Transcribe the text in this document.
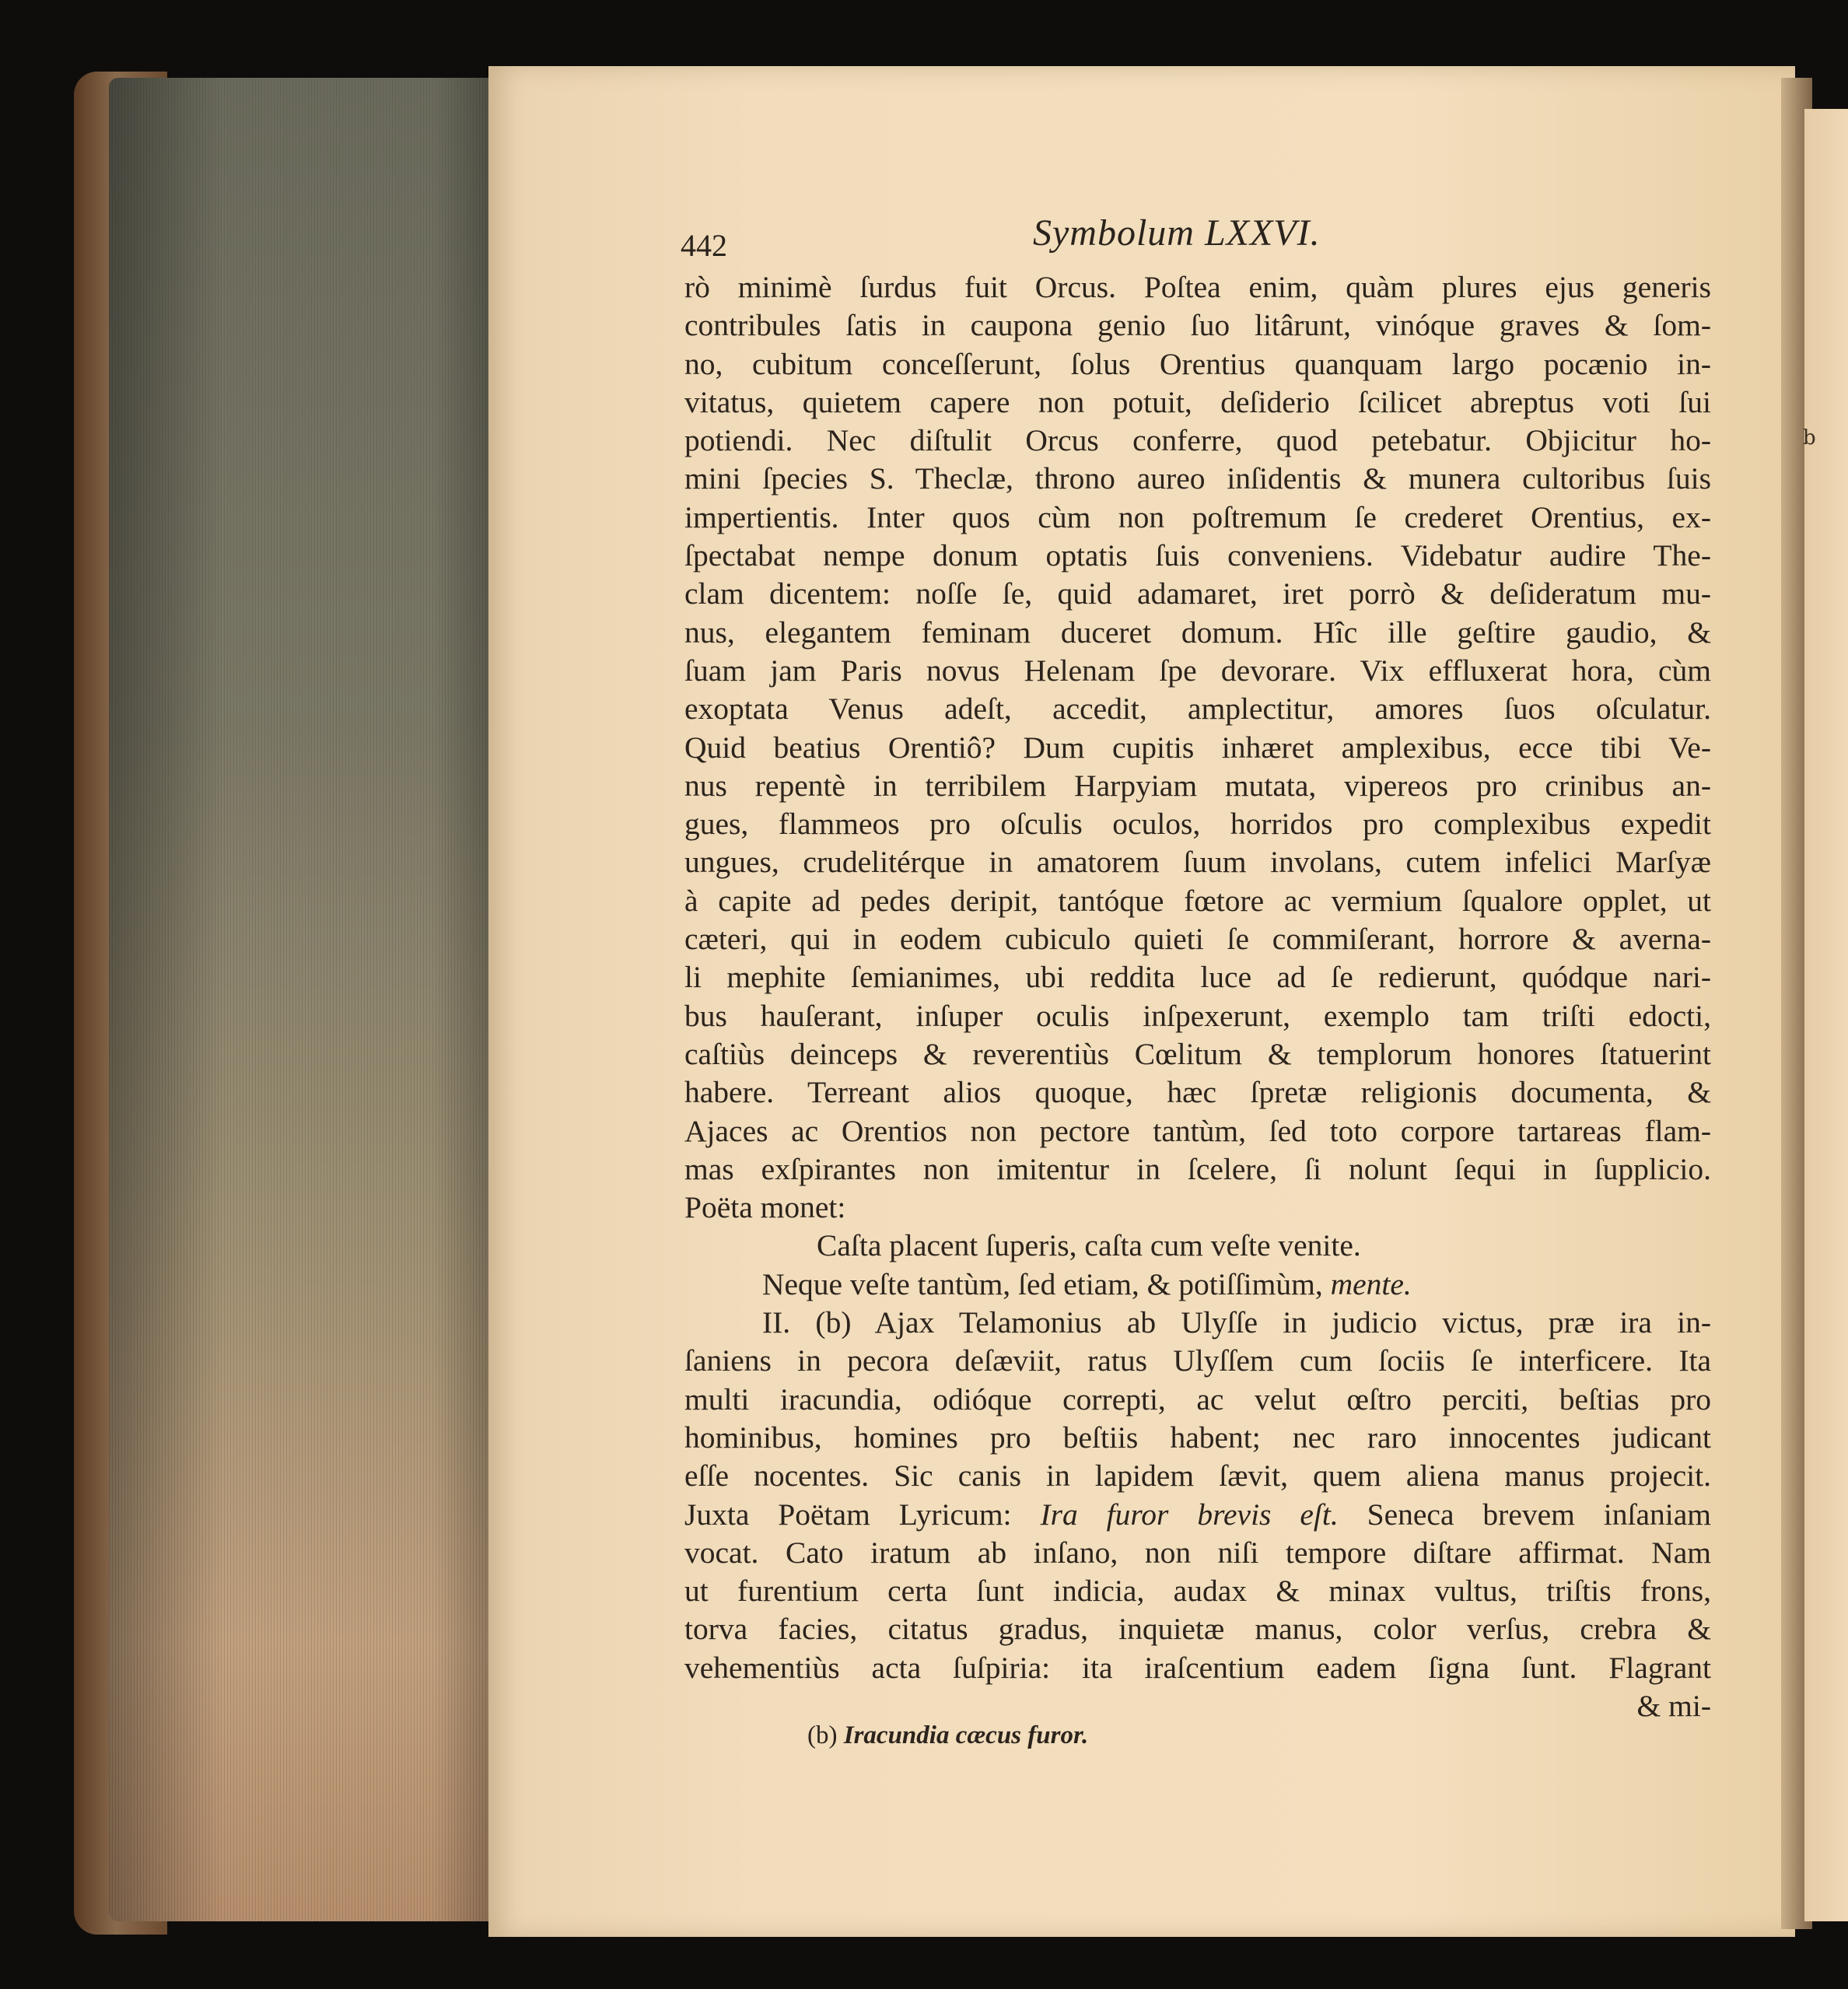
b
442	Symbolum LXXVI.
rò minimè ſurdus fuit Orcus. Poſtea enim, quàm plures ejus generis
contribules ſatis in caupona genio ſuo litârunt, vinóque graves & ſom-
no, cubitum conceſſerunt, ſolus Orentius quanquam largo pocænio in-
vitatus, quietem capere non potuit, deſiderio ſcilicet abreptus voti ſui
potiendi. Nec diſtulit Orcus conferre, quod petebatur. Objicitur ho-
mini ſpecies S. Theclæ, throno aureo inſidentis & munera cultoribus ſuis
impertientis. Inter quos cùm non poſtremum ſe crederet Orentius, ex-
ſpectabat nempe donum optatis ſuis conveniens. Videbatur audire The-
clam dicentem: noſſe ſe, quid adamaret, iret porrò & deſideratum mu-
nus, elegantem feminam duceret domum. Hîc ille geſtire gaudio, &
ſuam jam Paris novus Helenam ſpe devorare. Vix effluxerat hora, cùm
exoptata Venus adeſt, accedit, amplectitur, amores ſuos oſculatur.
Quid beatius Orentiô? Dum cupitis inhæret amplexibus, ecce tibi Ve-
nus repentè in terribilem Harpyiam mutata, vipereos pro crinibus an-
gues, flammeos pro oſculis oculos, horridos pro complexibus expedit
ungues, crudelitérque in amatorem ſuum involans, cutem infelici Marſyæ
à capite ad pedes deripit, tantóque fœtore ac vermium ſqualore opplet, ut
cæteri, qui in eodem cubiculo quieti ſe commiſerant, horrore & averna-
li mephite ſemianimes, ubi reddita luce ad ſe redierunt, quódque nari-
bus hauſerant, inſuper oculis inſpexerunt, exemplo tam triſti edocti,
caſtiùs deinceps & reverentiùs Cœlitum & templorum honores ſtatuerint
habere. Terreant alios quoque, hæc ſpretæ religionis documenta, &
Ajaces ac Orentios non pectore tantùm, ſed toto corpore tartareas flam-
mas exſpirantes non imitentur in ſcelere, ſi nolunt ſequi in ſupplicio.
Poëta monet:
Caſta placent ſuperis, caſta cum veſte venite.
Neque veſte tantùm, ſed etiam, & potiſſimùm, mente.
II. (b) Ajax Telamonius ab Ulyſſe in judicio victus, præ ira in-
ſaniens in pecora deſæviit, ratus Ulyſſem cum ſociis ſe interficere. Ita
multi iracundia, odióque correpti, ac velut œſtro perciti, beſtias pro
hominibus, homines pro beſtiis habent; nec raro innocentes judicant
eſſe nocentes. Sic canis in lapidem ſævit, quem aliena manus projecit.
Juxta Poëtam Lyricum: Ira furor brevis eſt. Seneca brevem inſaniam
vocat. Cato iratum ab inſano, non niſi tempore diſtare affirmat. Nam
ut furentium certa ſunt indicia, audax & minax vultus, triſtis frons,
torva facies, citatus gradus, inquietæ manus, color verſus, crebra &
vehementiùs acta ſuſpiria: ita iraſcentium eadem ſigna ſunt. Flagrant
& mi-
(b) Iracundia cæcus furor.
